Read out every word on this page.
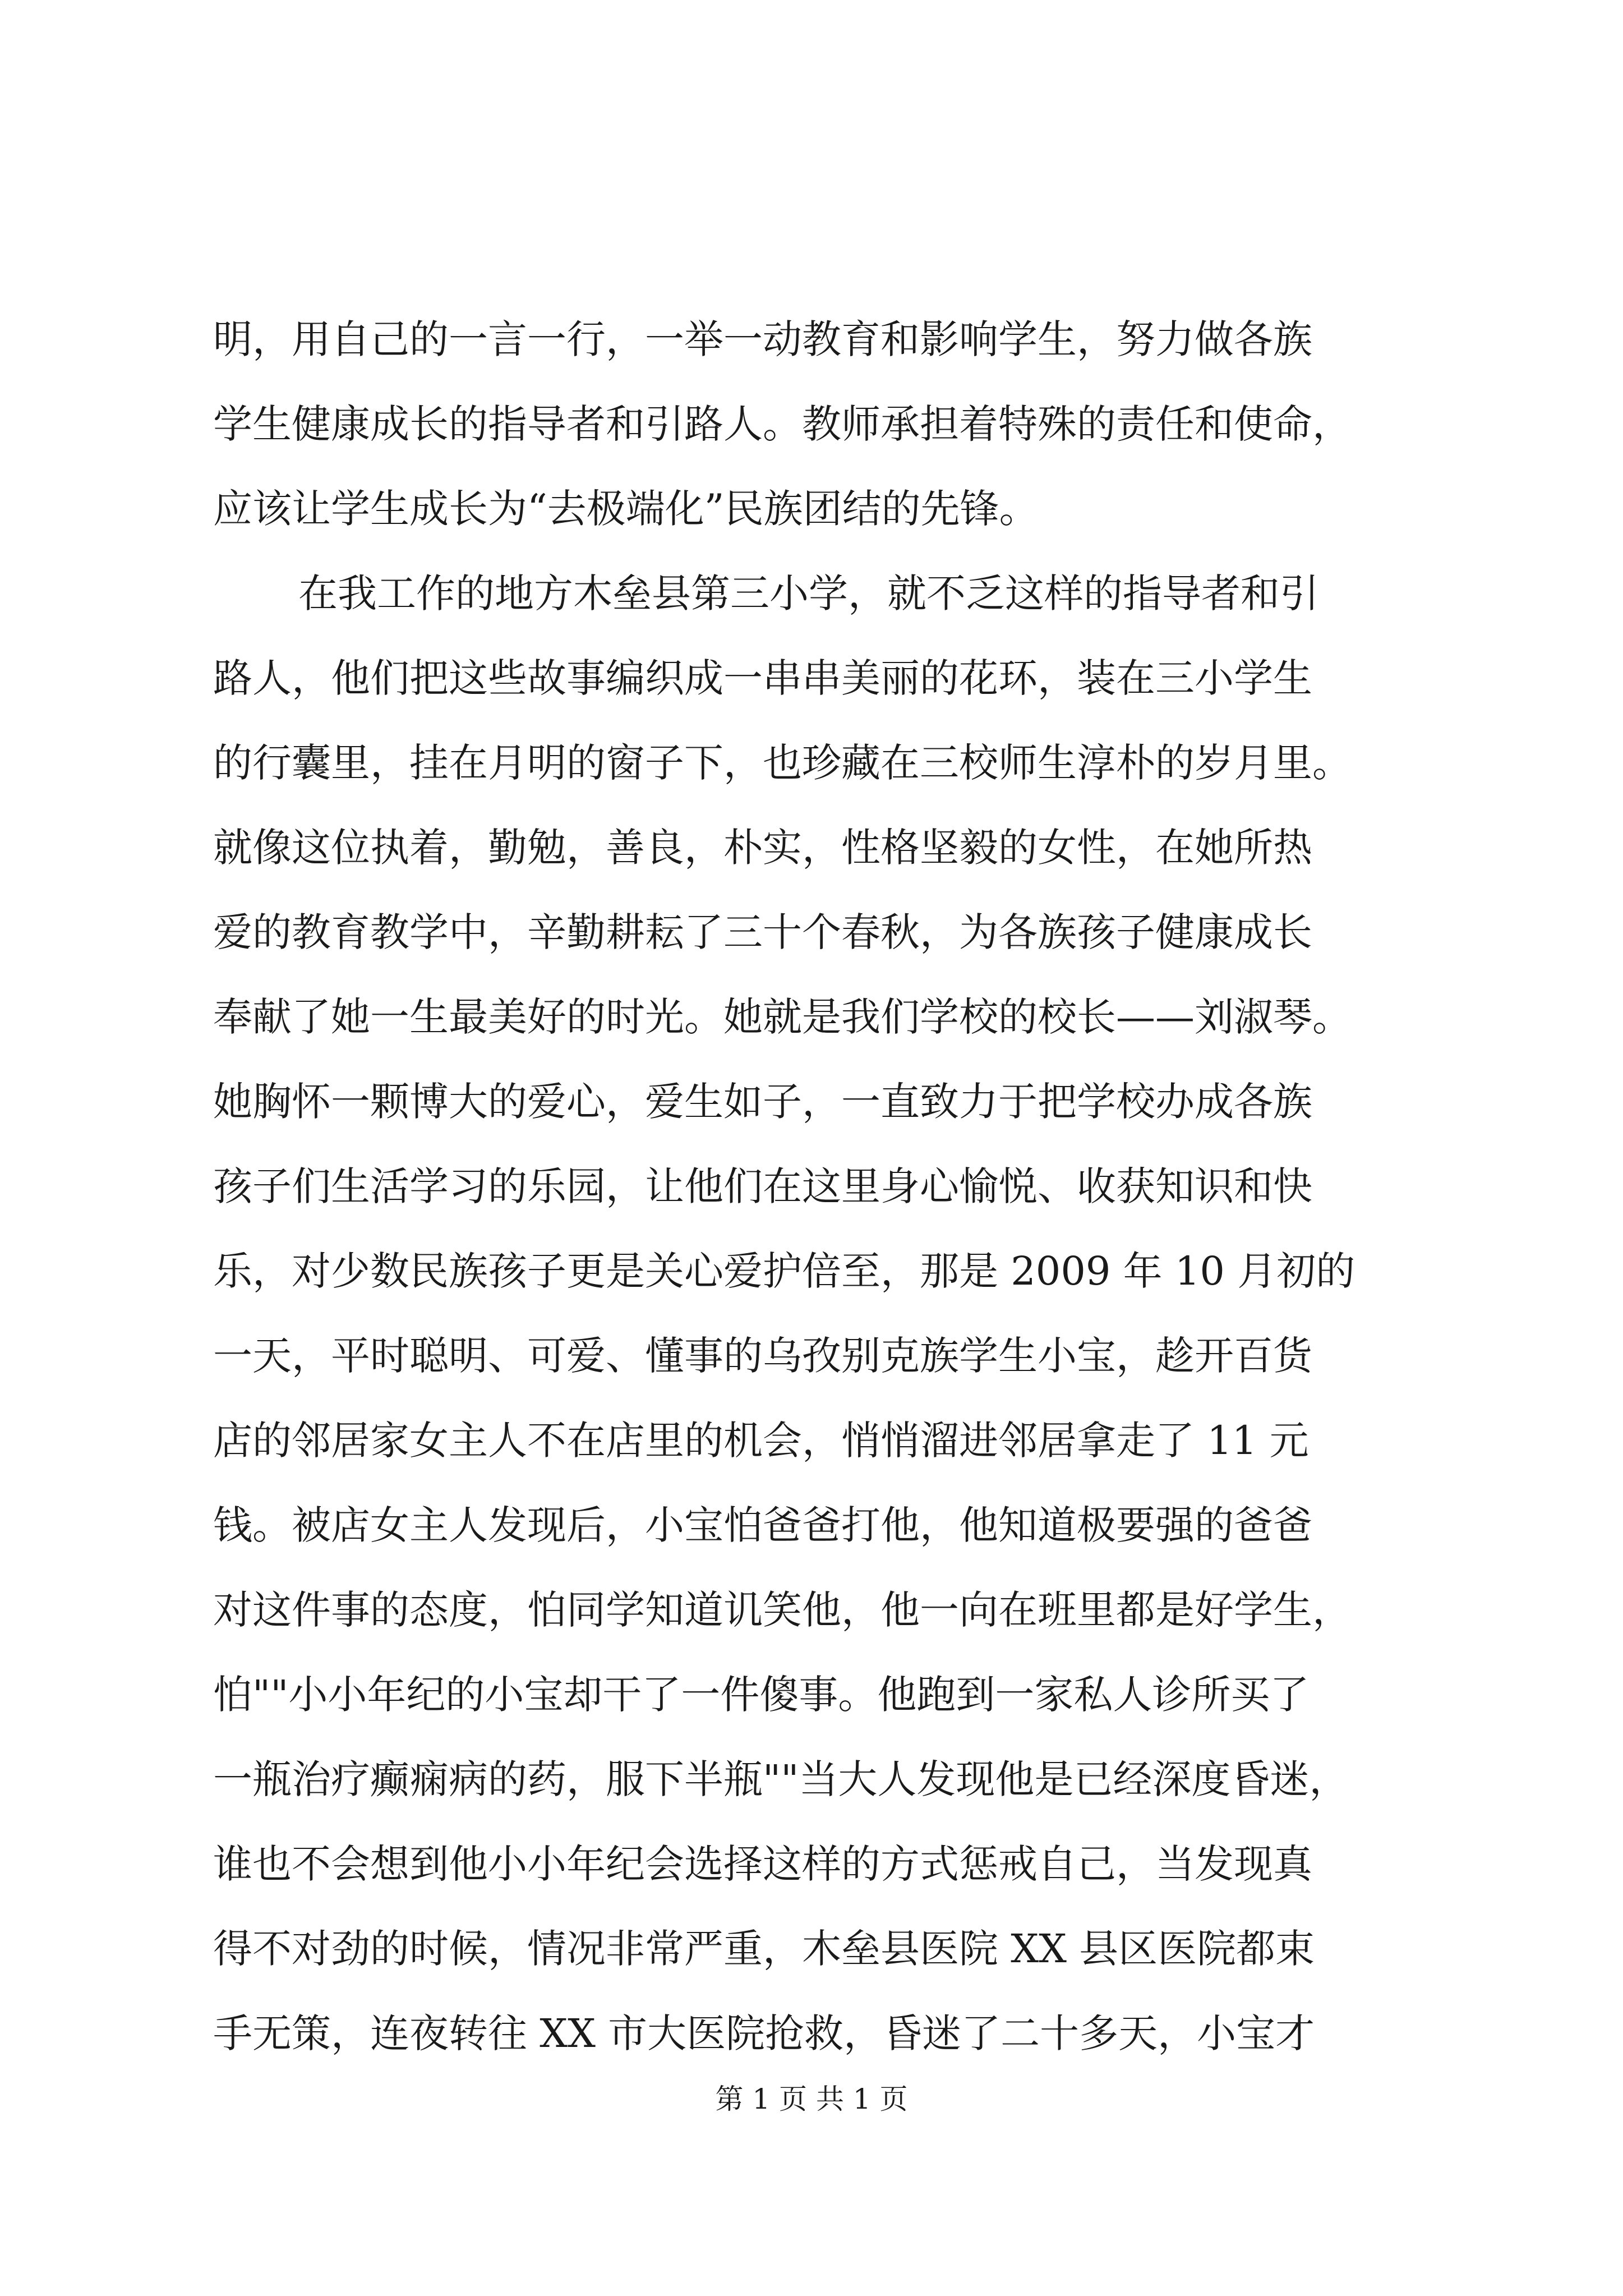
明，用自己的一言一行，一举一动教育和影响学生，努力做各族
学生健康成长的指导者和引路人。教师承担着特殊的责任和使命，
应该让学生成长为“去极端化”民族团结的先锋。
在我工作的地方木垒县第三小学，就不乏这样的指导者和引
路人，他们把这些故事编织成一串串美丽的花环，装在三小学生
的行囊里，挂在月明的窗子下，也珍藏在三校师生淳朴的岁月里。
就像这位执着，勤勉，善良，朴实，性格坚毅的女性，在她所热
爱的教育教学中，辛勤耕耘了三十个春秋，为各族孩子健康成长
奉献了她一生最美好的时光。她就是我们学校的校长——刘淑琴。
她胸怀一颗博大的爱心，爱生如子，一直致力于把学校办成各族
孩子们生活学习的乐园，让他们在这里身心愉悦、收获知识和快
乐，对少数民族孩子更是关心爱护倍至，那是 2009 年 10 月初的
一天，平时聪明、可爱、懂事的乌孜别克族学生小宝，趁开百货
店的邻居家女主人不在店里的机会，悄悄溜进邻居拿走了 11 元
钱。被店女主人发现后，小宝怕爸爸打他，他知道极要强的爸爸
对这件事的态度，怕同学知道讥笑他，他一向在班里都是好学生，
怕""小小年纪的小宝却干了一件傻事。他跑到一家私人诊所买了
一瓶治疗癫痫病的药，服下半瓶""当大人发现他是已经深度昏迷，
谁也不会想到他小小年纪会选择这样的方式惩戒自己，当发现真
得不对劲的时候，情况非常严重，木垒县医院 XX 县区医院都束
手无策，连夜转往 XX 市大医院抢救，昏迷了二十多天，小宝才
第 1 页 共 1 页
